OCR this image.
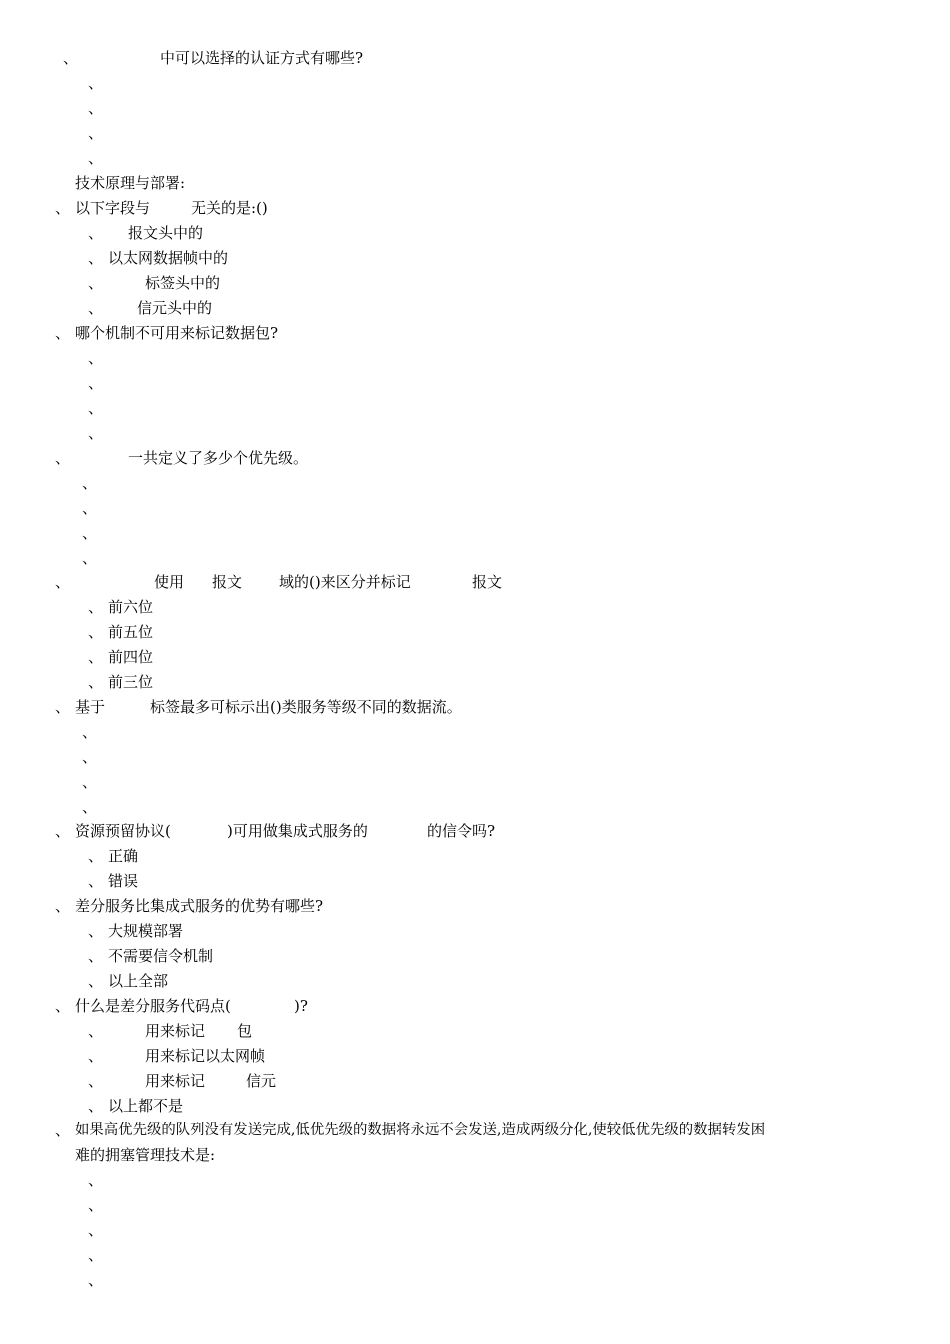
、

	中可以选择的认证方式有哪些?

、
、
、
、

技术原理与部署:

、

以下字段与

	无关的是:()

、

报文头中的

、

以太网数据帧中的

、

	标签头中的

、

信元头中的

、

哪个机制不可用来标记数据包?

、
、
、
、

、

	一共定义了多少个优先级。

、
、
、
、

、

	使用

报文

域的()来区分并标记

	报文

、

前六位

、

前五位

、

前四位

、

前三位

、

基于

	标签最多可标示出()类服务等级不同的数据流。

、
、
、
、

、

资源预留协议(

	)可用做集成式服务的

	的信令吗?

、

正确

、

错误

、

差分服务比集成式服务的优势有哪些?

、

大规模部署

、

不需要信令机制

、

以上全部

、

什么是差分服务代码点(

	)?

、

	用来标记

包

、

	用来标记以太网帧

、

	用来标记

	信元

、

以上都不是

、

如果高优先级的队列没有发送完成,低优先级的数据将永远不会发送,造成两级分化,使较低优先级的数据转发困

难的拥塞管理技术是:

、
、
、
、
、
